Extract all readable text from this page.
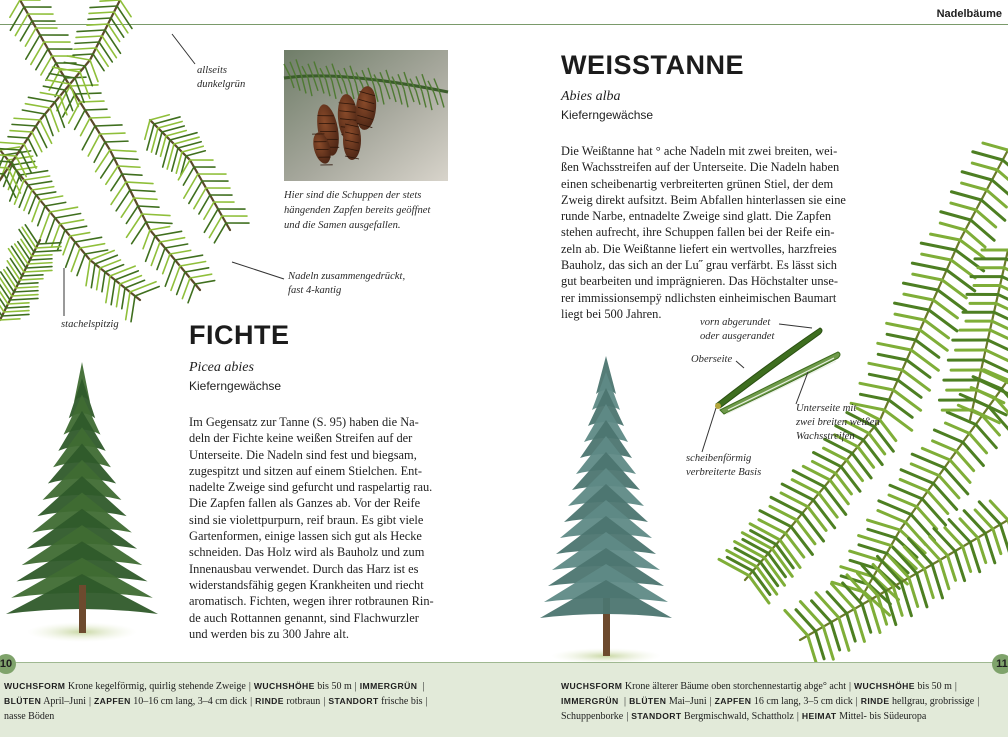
Nadelbäume
allseits
dunkelgrün
Hier sind die Schuppen der stets
hängenden Zapfen bereits geöffnet
und die Samen ausgefallen.
Nadeln zusammengedrückt,
fast 4-kantig
stachelspitzig	FICHTE
Picea abies
Kieferngewächse
Im Gegensatz zur Tanne (S. 95) haben die Na-
deln der Fichte keine weißen Streifen auf der
Unterseite. Die Nadeln sind fest und biegsam,
zugespitzt und sitzen auf einem Stielchen. Ent-
nadelte Zweige sind gefurcht und raspelartig rau.
Die Zapfen fallen als Ganzes ab. Vor der Reife
sind sie violettpurpurn, reif braun. Es gibt viele
Gartenformen, einige lassen sich gut als Hecke
schneiden. Das Holz wird als Bauholz und zum
Innenausbau verwendet. Durch das Harz ist es
widerstandsfähig gegen Krankheiten und riecht
aromatisch. Fichten, wegen ihrer rotbraunen Rin-
de auch Rottannen genannt, sind Flachwurzler
und werden bis zu 300 Jahre alt.
WEISSTANNE
Abies alba
Kieferngewächse
Die Weißtanne hat ° ache Nadeln mit zwei breiten, wei-
ßen Wachsstreifen auf der Unterseite. Die Nadeln haben
einen scheibenartig verbreiterten grünen Stiel, der dem
Zweig direkt aufsitzt. Beim Abfallen hinterlassen sie eine
runde Narbe, entnadelte Zweige sind glatt. Die Zapfen
stehen aufrecht, ihre Schuppen fallen bei der Reife ein-
zeln ab. Die Weißtanne liefert ein wertvolles, harzfreies
Bauholz, das sich an der Lu˝ grau verfärbt. Es lässt sich
gut bearbeiten und imprägnieren. Das Höchstalter unse-
rer immissionsempÿ ndlichsten einheimischen Baumart
liegt bei 500 Jahren.
vorn abgerundet
oder ausgerandet
Oberseite
Unterseite mit
zwei breiten weißen
Wachsstreifen
scheibenförmig
verbreiterte Basis
10	11
WUCHSFORM Krone kegelförmig, quirlig stehende Zweige | WUCHSHÖHE bis 50 m | IMMERGRÜN |
BLÜTEN April–Juni | ZAPFEN 10–16 cm lang, 3–4 cm dick | RINDE rotbraun | STANDORT frische bis |
nasse Böden
WUCHSFORM Krone älterer Bäume oben storchennestartig abge° acht | WUCHSHÖHE bis 50 m |
IMMERGRÜN | BLÜTEN Mai–Juni | ZAPFEN 16 cm lang, 3–5 cm dick | RINDE hellgrau, grobrissige |
Schuppenborke | STANDORT Bergmischwald, Schattholz | HEIMAT Mittel- bis Südeuropa
